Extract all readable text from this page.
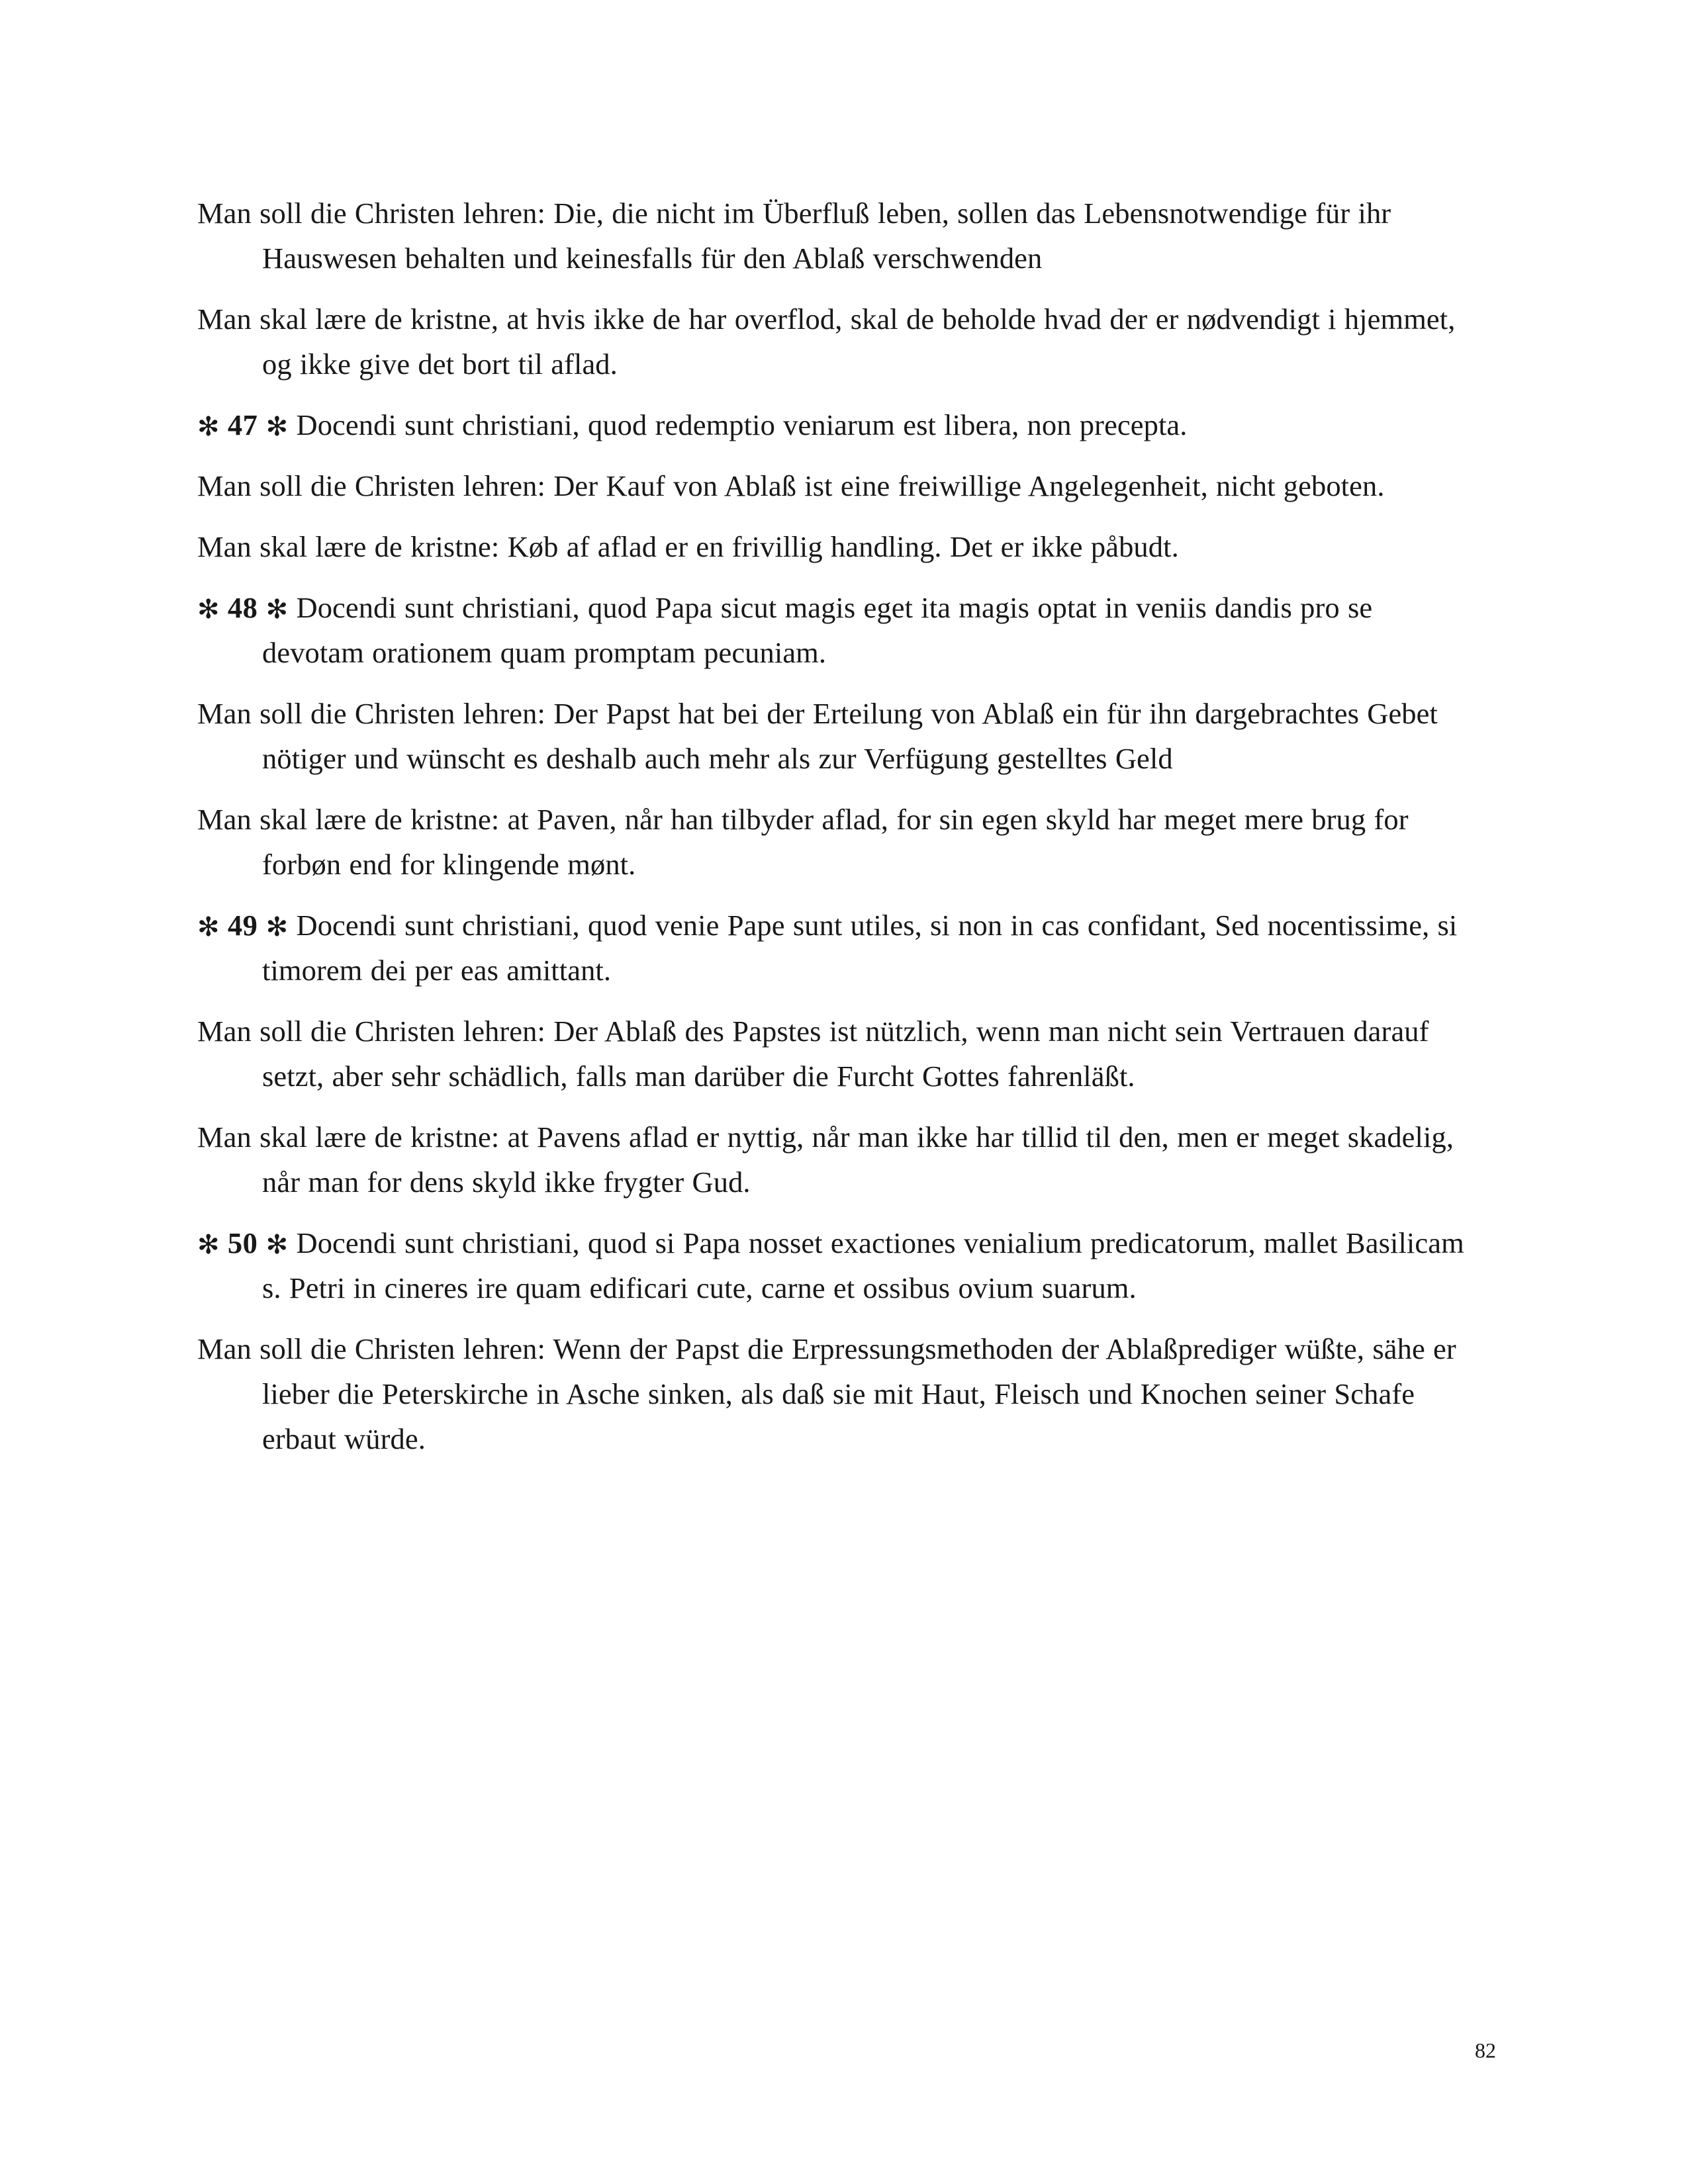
Man soll die Christen lehren: Die, die nicht im Überfluß leben, sollen das Lebensnotwendige für ihr Hauswesen behalten und keinesfalls für den Ablaß verschwenden

Man skal lære de kristne, at hvis ikke de har overflod, skal de beholde hvad der er nødvendigt i hjemmet, og ikke give det bort til aflad.

✻ 47 ✻ Docendi sunt christiani, quod redemptio veniarum est libera, non precepta.

Man soll die Christen lehren: Der Kauf von Ablaß ist eine freiwillige Angelegenheit, nicht geboten.

Man skal lære de kristne: Køb af aflad er en frivillig handling. Det er ikke påbudt.

✻ 48 ✻ Docendi sunt christiani, quod Papa sicut magis eget ita magis optat in veniis dandis pro se devotam orationem quam promptam pecuniam.

Man soll die Christen lehren: Der Papst hat bei der Erteilung von Ablaß ein für ihn dargebrachtes Gebet nötiger und wünscht es deshalb auch mehr als zur Verfügung gestelltes Geld

Man skal lære de kristne: at Paven, når han tilbyder aflad, for sin egen skyld har meget mere brug for forbøn end for klingende mønt.

✻ 49 ✻ Docendi sunt christiani, quod venie Pape sunt utiles, si non in cas confidant, Sed nocentissime, si timorem dei per eas amittant.

Man soll die Christen lehren: Der Ablaß des Papstes ist nützlich, wenn man nicht sein Vertrauen darauf setzt, aber sehr schädlich, falls man darüber die Furcht Gottes fahrenläßt.

Man skal lære de kristne: at Pavens aflad er nyttig, når man ikke har tillid til den, men er meget skadelig, når man for dens skyld ikke frygter Gud.

✻ 50 ✻ Docendi sunt christiani, quod si Papa nosset exactiones venialium predicatorum, mallet Basilicam s. Petri in cineres ire quam edificari cute, carne et ossibus ovium suarum.

Man soll die Christen lehren: Wenn der Papst die Erpressungsmethoden der Ablaßprediger wüßte, sähe er lieber die Peterskirche in Asche sinken, als daß sie mit Haut, Fleisch und Knochen seiner Schafe erbaut würde.

82
